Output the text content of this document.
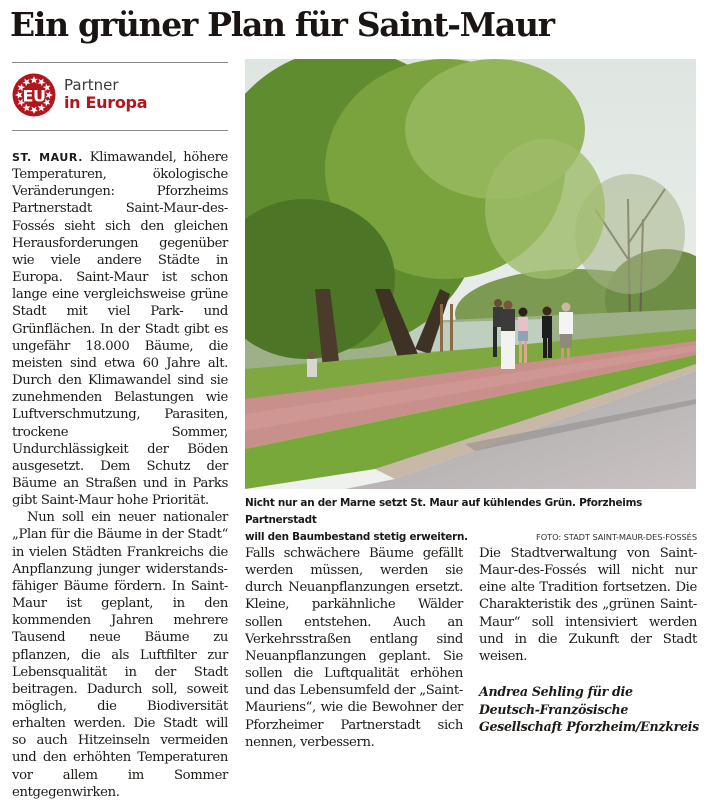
Ein grüner Plan für Saint-Maur
EU
Partner
in Europa

ST. MAUR. Klimawandel, höhere Temperaturen, ökologische Veränderungen: Pforzheims Partnerstadt Saint-Maur-des-Fossés sieht sich den gleichen Herausforderungen gegenüber wie viele andere Städte in Europa. Saint-Maur ist schon lange eine vergleichsweise grüne Stadt mit viel Park- und Grünflächen. In der Stadt gibt es ungefähr 18.000 Bäume, die meisten sind etwa 60 Jahre alt. Durch den Klimawandel sind sie zunehmenden Belastungen wie Luftverschmutzung, Parasiten, trockene Sommer, Undurchlässigkeit der Böden ausgesetzt. Dem Schutz der Bäume an Straßen und in Parks gibt Saint-Maur hohe Priorität.

Nun soll ein neuer nationaler „Plan für die Bäume in der Stadt“ in vielen Städten Frankreichs die Anpflanzung junger widerstandsfähiger Bäume fördern. In Saint-Maur ist geplant, in den kommenden Jahren mehrere Tausend neue Bäume zu pflanzen, die als Luftfilter zur Lebensqualität in der Stadt beitragen. Dadurch soll, soweit möglich, die Biodiversität erhalten werden. Die Stadt will so auch Hitzeinseln vermeiden und den erhöhten Temperaturen vor allem im Sommer entgegenwirken.

Nicht nur an der Marne setzt St. Maur auf kühlendes Grün. Pforzheims Partnerstadt
will den Baumbestand stetig erweitern.	FOTO: STADT SAINT-MAUR-DES-FOSSÉS

Falls schwächere Bäume gefällt werden müssen, werden sie durch Neuanpflanzungen ersetzt. Kleine, parkähnliche Wälder sollen entstehen. Auch an Verkehrsstraßen entlang sind Neuanpflanzungen geplant. Sie sollen die Luftqualität erhöhen und das Lebensumfeld der „Saint-Mauriens“, wie die Bewohner der Pforzheimer Partnerstadt sich nennen, verbessern.

Die Stadtverwaltung von Saint-Maur-des-Fossés will nicht nur eine alte Tradition fortsetzen. Die Charakteristik des „grünen Saint-Maur“ soll intensiviert werden und in die Zukunft der Stadt weisen.

Andrea Sehling für die
Deutsch-Französische
Gesellschaft Pforzheim/Enzkreis
